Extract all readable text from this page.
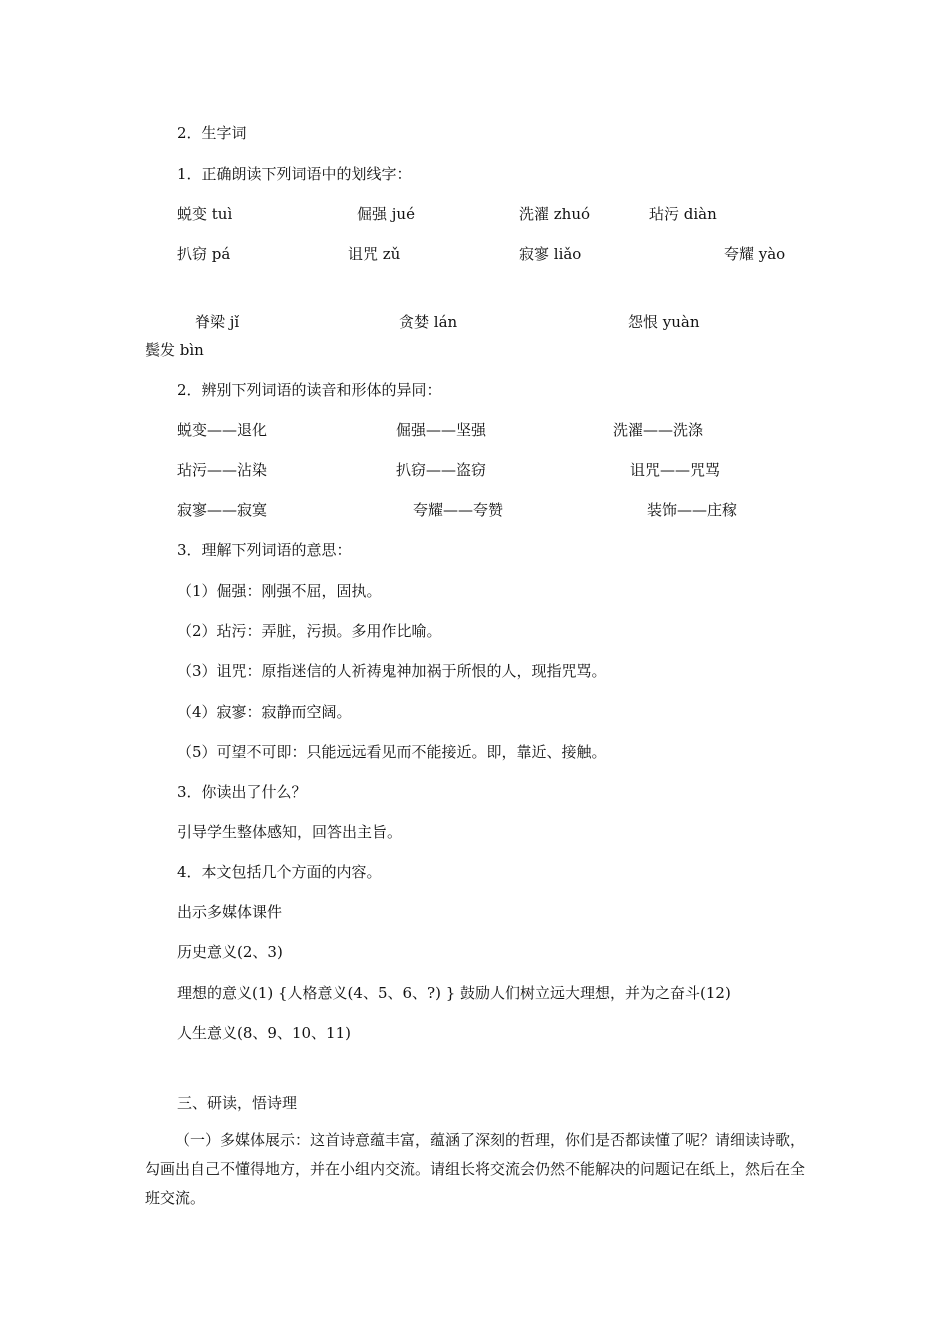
2．生字词
1．正确朗读下列词语中的划线字：
蜕变 tuì	倔强 jué	洗濯 zhuó	玷污 diàn
扒窃 pá	诅咒 zǔ	寂寥 liǎo	夸耀 yào
脊梁 jǐ	贪婪 lán	怨恨 yuàn
鬓发 bìn
2．辨别下列词语的读音和形体的异同：
蜕变——退化	倔强——坚强	洗濯——洗涤
玷污——沾染	扒窃——盗窃	诅咒——咒骂
寂寥——寂寞	夸耀——夸赞	装饰——庄稼
3．理解下列词语的意思：
（1）倔强：刚强不屈，固执。
（2）玷污：弄脏，污损。多用作比喻。
（3）诅咒：原指迷信的人祈祷鬼神加祸于所恨的人，现指咒骂。
（4）寂寥：寂静而空阔。
（5）可望不可即：只能远远看见而不能接近。即，靠近、接触。
3．你读出了什么？
引导学生整体感知，回答出主旨。
4．本文包括几个方面的内容。
出示多媒体课件
历史意义(2、3)
理想的意义(1) {人格意义(4、5、6、?) } 鼓励人们树立远大理想，并为之奋斗(12)
人生意义(8、9、10、11)
三、研读，悟诗理
（一）多媒体展示：这首诗意蕴丰富，蕴涵了深刻的哲理，你们是否都读懂了呢？请细读诗歌，勾画出自己不懂得地方，并在小组内交流。请组长将交流会仍然不能解决的问题记在纸上，然后在全班交流。
